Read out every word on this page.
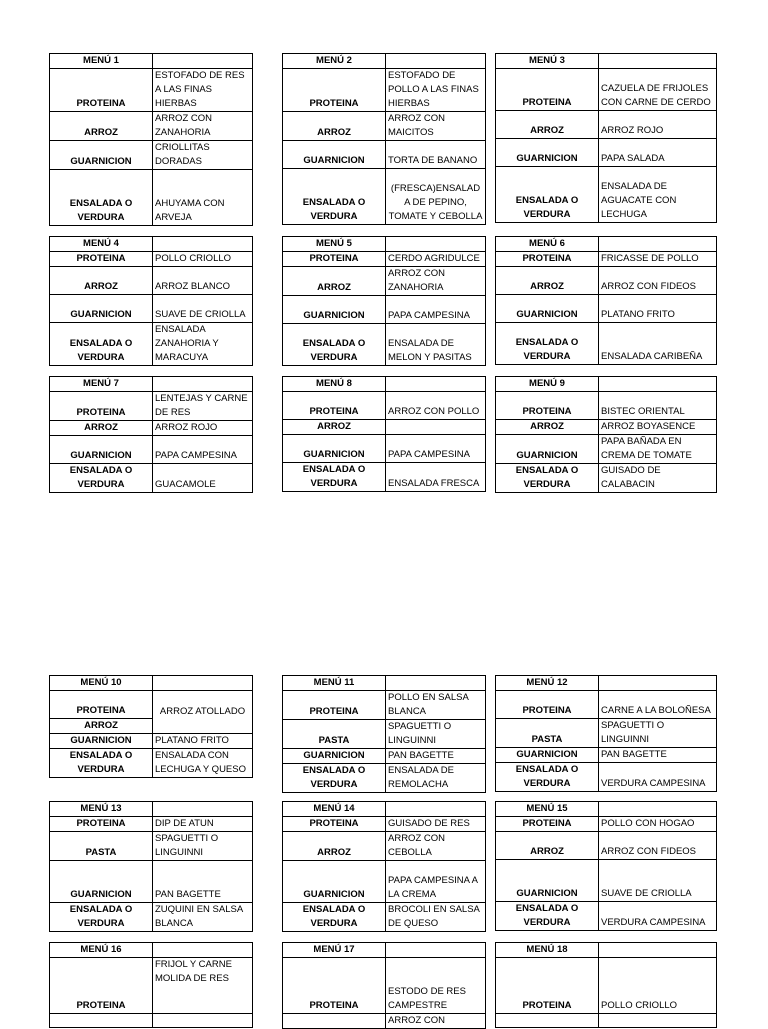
MENÚ 1	
PROTEINA	ESTOFADO DE RES A LAS FINAS HIERBAS
ARROZ	ARROZ CON ZANAHORIA
GUARNICION	CRIOLLITAS DORADAS
ENSALADA O VERDURA	AHUYAMA CON ARVEJA
MENÚ 2	
PROTEINA	ESTOFADO DE POLLO A LAS FINAS HIERBAS
ARROZ	ARROZ CON MAICITOS
GUARNICION	TORTA DE BANANO
ENSALADA O VERDURA	(FRESCA)ENSALADA DE PEPINO, TOMATE Y CEBOLLA
MENÚ 3	
PROTEINA	CAZUELA DE FRIJOLES CON CARNE DE CERDO
ARROZ	ARROZ ROJO
GUARNICION	PAPA SALADA
ENSALADA O VERDURA	ENSALADA DE AGUACATE CON LECHUGA
MENÚ 4	
PROTEINA	POLLO CRIOLLO
ARROZ	ARROZ BLANCO
GUARNICION	SUAVE DE CRIOLLA
ENSALADA O VERDURA	ENSALADA ZANAHORIA Y MARACUYA
MENÚ 5	
PROTEINA	CERDO AGRIDULCE
ARROZ	ARROZ CON ZANAHORIA
GUARNICION	PAPA CAMPESINA
ENSALADA O VERDURA	ENSALADA DE MELON Y PASITAS
MENÚ 6	
PROTEINA	FRICASSE DE POLLO
ARROZ	ARROZ CON FIDEOS
GUARNICION	PLATANO FRITO
ENSALADA O VERDURA	ENSALADA CARIBEÑA
MENÚ 7	
PROTEINA	LENTEJAS Y CARNE DE RES
ARROZ	ARROZ ROJO
GUARNICION	PAPA CAMPESINA
ENSALADA O VERDURA	GUACAMOLE
MENÚ 8	
PROTEINA	ARROZ CON POLLO
ARROZ	
GUARNICION	PAPA CAMPESINA
ENSALADA O VERDURA	ENSALADA FRESCA
MENÚ 9	
PROTEINA	BISTEC ORIENTAL
ARROZ	ARROZ BOYASENCE
GUARNICION	PAPA BAÑADA EN CREMA DE TOMATE
ENSALADA O VERDURA	GUISADO DE CALABACIN
MENÚ 10	
PROTEINA	ARROZ ATOLLADO
ARROZ	
GUARNICION	PLATANO FRITO
ENSALADA O VERDURA	ENSALADA CON LECHUGA Y QUESO
MENÚ 11	
PROTEINA	POLLO EN SALSA BLANCA
PASTA	SPAGUETTI O LINGUINNI
GUARNICION	PAN BAGETTE
ENSALADA O VERDURA	ENSALADA DE REMOLACHA
MENÚ 12	
PROTEINA	CARNE A LA BOLOÑESA
PASTA	SPAGUETTI O LINGUINNI
GUARNICION	PAN BAGETTE
ENSALADA O VERDURA	VERDURA CAMPESINA
MENÚ 13	
PROTEINA	DIP DE ATUN
PASTA	SPAGUETTI O LINGUINNI
GUARNICION	PAN BAGETTE
ENSALADA O VERDURA	ZUQUINI EN SALSA BLANCA
MENÚ 14	
PROTEINA	GUISADO DE RES
ARROZ	ARROZ CON CEBOLLA
GUARNICION	PAPA CAMPESINA A LA CREMA
ENSALADA O VERDURA	BROCOLI EN SALSA DE QUESO
MENÚ 15	
PROTEINA	POLLO CON HOGAO
ARROZ	ARROZ CON FIDEOS
GUARNICION	SUAVE DE CRIOLLA
ENSALADA O VERDURA	VERDURA CAMPESINA
MENÚ 16	
PROTEINA	FRIJOL Y CARNE MOLIDA DE RES

MENÚ 17	
PROTEINA	ESTODO DE RES CAMPESTRE
	ARROZ CON
MENÚ 18	
PROTEINA	POLLO CRIOLLO
